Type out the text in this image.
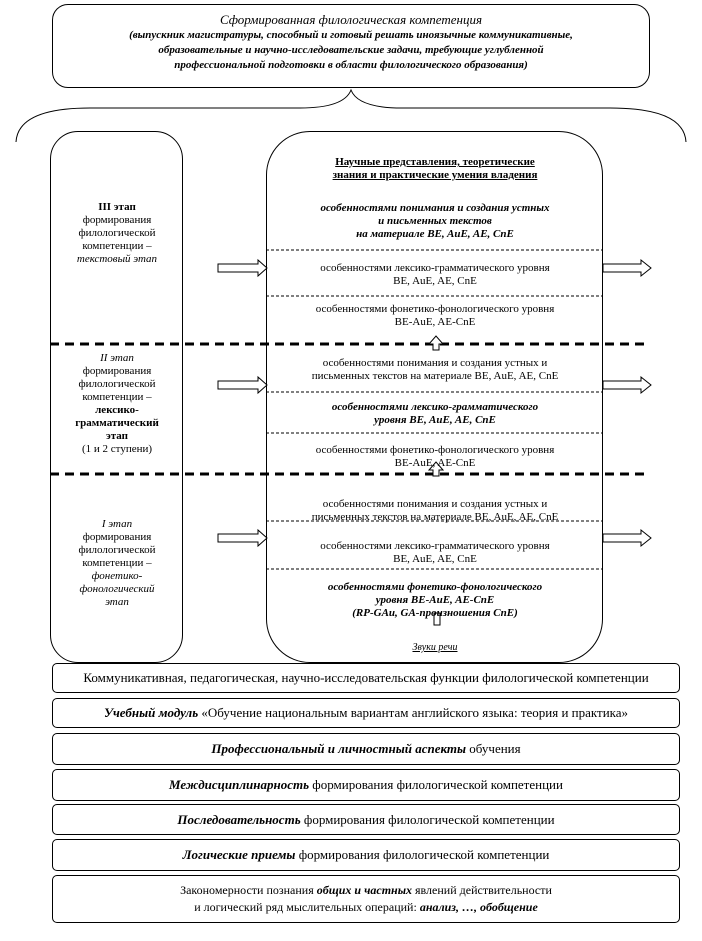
Сформированная филологическая компетенция
(выпускник магистратуры, способный и готовый решать иноязычные коммуникативные,
образовательные и научно-исследовательские задачи, требующие углубленной
профессиональной подготовки в области филологического образования)
III этап
формирования
филологической
компетенции –
текстовый этап
II этап
формирования
филологической
компетенции –
лексико-
грамматический
этап
(1 и 2 ступени)
I этап
формирования
филологической
компетенции –
фонетико-
фонологический
этап
Научные представления, теоретические
знания и практические умения владения
особенностями понимания и создания устных
и письменных текстов
на материале BE, AuE, AE, CnE
особенностями лексико-грамматического уровня
BE, AuE, AE, CnE
особенностями фонетико-фонологического уровня
BE-AuE, AE-CnE
особенностями понимания и создания устных и
письменных текстов на материале BE, AuE, AE, CnE
особенностями лексико-грамматического
уровня BE, AuE, AE, CnE
особенностями фонетико-фонологического уровня
BE-AuE, AE-CnE
особенностями понимания и создания устных и
письменных текстов на материале BE, AuE, AE, CnE
особенностями лексико-грамматического уровня
BE, AuE, AE, CnE
особенностями фонетико-фонологического
уровня BE-AuE, AE-CnE
(RP-GAu, GA-произношения CnE)
Звуки речи
Коммуникативная, педагогическая, научно-исследовательская функции филологической компетенции
Учебный модуль «Обучение национальным вариантам английского языка: теория и практика»
Профессиональный и личностный аспекты обучения
Междисциплинарность формирования филологической компетенции
Последовательность формирования филологической компетенции
Логические приемы формирования филологической компетенции
Закономерности познания общих и частных явлений действительности
и логический ряд мыслительных операций: анализ, …, обобщение
